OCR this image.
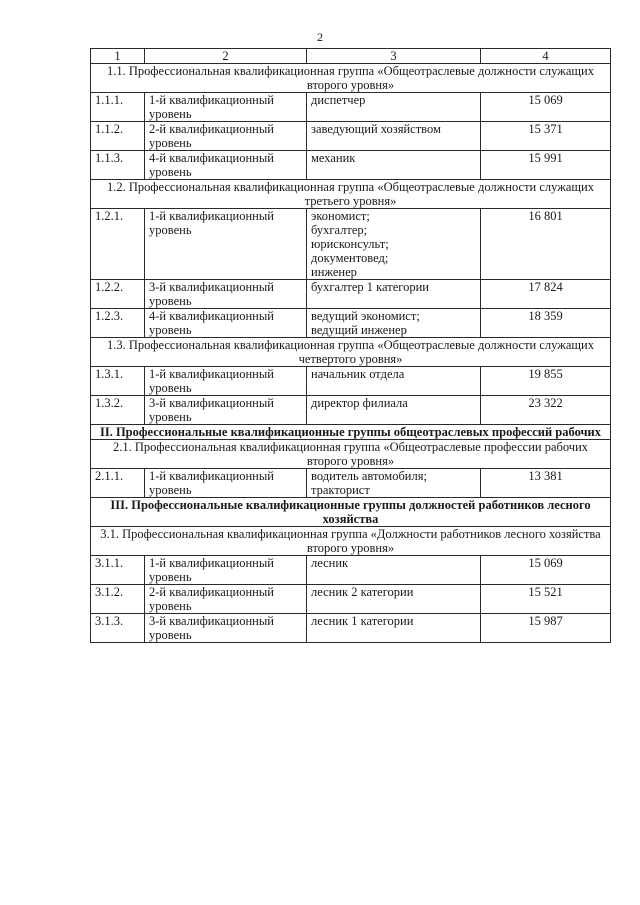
2
1	2	3	4
1.1. Профессиональная квалификационная группа «Общеотраслевые должности служащих второго уровня»			
1.1.1.	1-й квалификационный уровень	диспетчер	15 069
1.1.2.	2-й квалификационный уровень	заведующий хозяйством	15 371
1.1.3.	4-й квалификационный уровень	механик	15 991
1.2. Профессиональная квалификационная группа «Общеотраслевые должности служащих третьего уровня»			
1.2.1.	1-й квалификационный уровень	экономист;
бухгалтер;
юрисконсульт;
документовед;
инженер	16 801
1.2.2.	3-й квалификационный уровень	бухгалтер 1 категории	17 824
1.2.3.	4-й квалификационный уровень	ведущий экономист;
ведущий инженер	18 359
1.3. Профессиональная квалификационная группа «Общеотраслевые должности служащих четвертого уровня»			
1.3.1.	1-й квалификационный уровень	начальник отдела	19 855
1.3.2.	3-й квалификационный уровень	директор филиала	23 322
II. Профессиональные квалификационные группы общеотраслевых профессий рабочих			
2.1. Профессиональная квалификационная группа «Общеотраслевые профессии рабочих второго уровня»			
2.1.1.	1-й квалификационный уровень	водитель автомобиля;
тракторист	13 381
III. Профессиональные квалификационные группы должностей работников лесного хозяйства			
3.1. Профессиональная квалификационная группа «Должности работников лесного хозяйства второго уровня»			
3.1.1.	1-й квалификационный уровень	лесник	15 069
3.1.2.	2-й квалификационный уровень	лесник 2 категории	15 521
3.1.3.	3-й квалификационный уровень	лесник 1 категории	15 987
